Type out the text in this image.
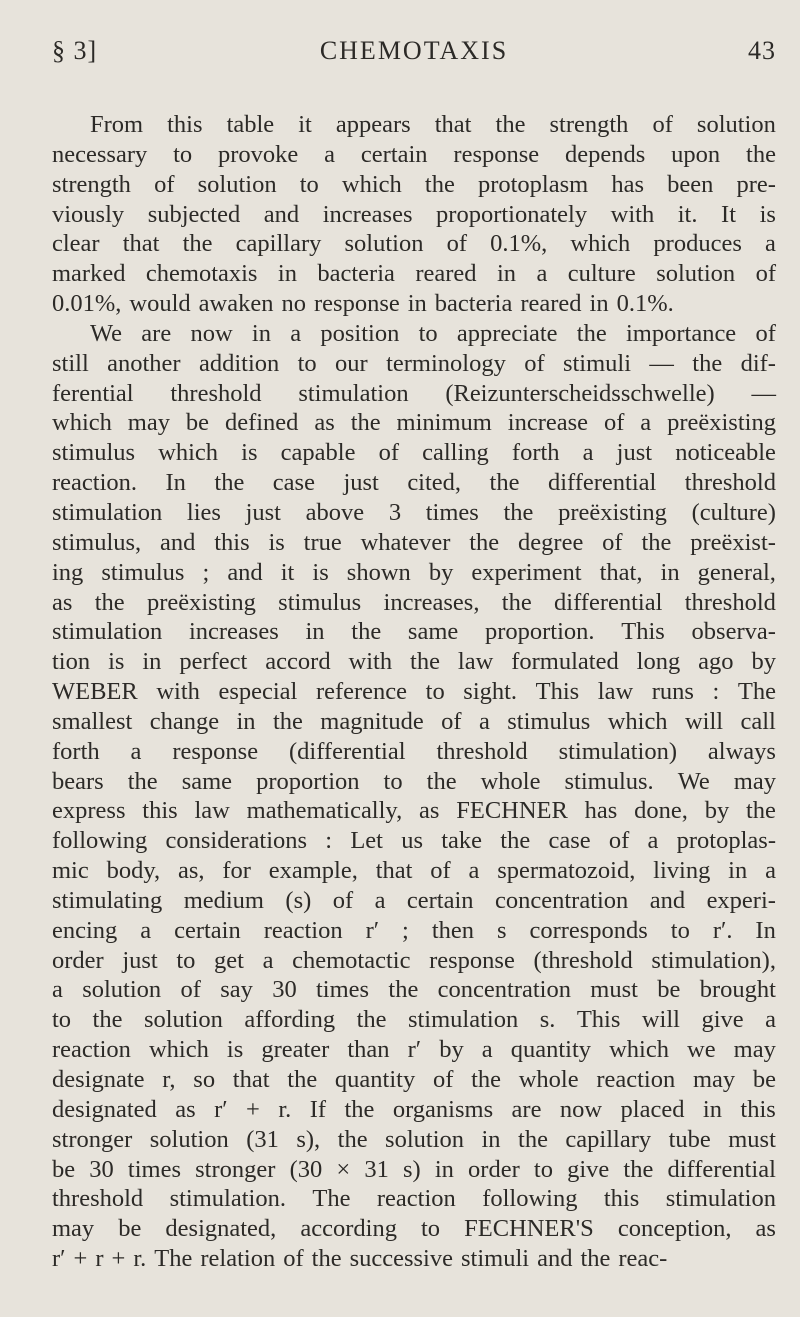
§ 3]	CHEMOTAXIS	43
From this table it appears that the strength of solution
necessary to provoke a certain response depends upon the
strength of solution to which the protoplasm has been pre-
viously subjected and increases proportionately with it. It is
clear that the capillary solution of 0.1%, which produces a
marked chemotaxis in bacteria reared in a culture solution of
0.01%, would awaken no response in bacteria reared in 0.1%.
We are now in a position to appreciate the importance of
still another addition to our terminology of stimuli — the dif-
ferential threshold stimulation (Reizunterscheidsschwelle) —
which may be defined as the minimum increase of a preëxisting
stimulus which is capable of calling forth a just noticeable
reaction. In the case just cited, the differential threshold
stimulation lies just above 3 times the preëxisting (culture)
stimulus, and this is true whatever the degree of the preëxist-
ing stimulus ; and it is shown by experiment that, in general,
as the preëxisting stimulus increases, the differential threshold
stimulation increases in the same proportion. This observa-
tion is in perfect accord with the law formulated long ago by
WEBER with especial reference to sight. This law runs : The
smallest change in the magnitude of a stimulus which will call
forth a response (differential threshold stimulation) always
bears the same proportion to the whole stimulus. We may
express this law mathematically, as FECHNER has done, by the
following considerations : Let us take the case of a protoplas-
mic body, as, for example, that of a spermatozoid, living in a
stimulating medium (s) of a certain concentration and experi-
encing a certain reaction r′ ; then s corresponds to r′. In
order just to get a chemotactic response (threshold stimulation),
a solution of say 30 times the concentration must be brought
to the solution affording the stimulation s. This will give a
reaction which is greater than r′ by a quantity which we may
designate r, so that the quantity of the whole reaction may be
designated as r′ + r. If the organisms are now placed in this
stronger solution (31 s), the solution in the capillary tube must
be 30 times stronger (30 × 31 s) in order to give the differential
threshold stimulation. The reaction following this stimulation
may be designated, according to FECHNER'S conception, as
r′ + r + r. The relation of the successive stimuli and the reac-
